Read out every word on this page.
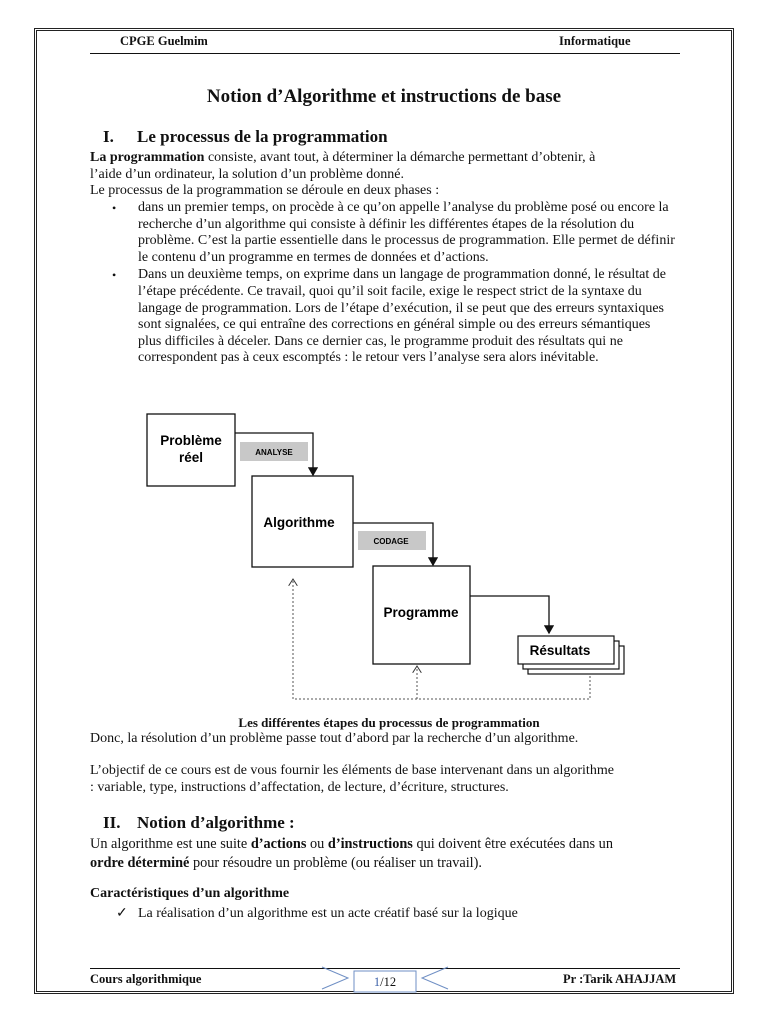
CPGE Guelmim	Informatique

Notion d’Algorithme et instructions de base
I. Le processus de la programmation

La programmation consiste, avant tout, à déterminer la démarche permettant d’obtenir, à
l’aide d’un ordinateur, la solution d’un problème donné.
Le processus de la programmation se déroule en deux phases :

• dans un premier temps, on procède à ce qu’on appelle l’analyse du problème posé ou encore la recherche d’un algorithme qui consiste à définir les différentes étapes de la résolution du problème. C’est la partie essentielle dans le processus de programmation. Elle permet de définir le contenu d’un programme en termes de données et d’actions.
• Dans un deuxième temps, on exprime dans un langage de programmation donné, le résultat de l’étape précédente. Ce travail, quoi qu’il soit facile, exige le respect strict de la syntaxe du langage de programmation. Lors de l’étape d’exécution, il se peut que des erreurs syntaxiques sont signalées, ce qui entraîne des corrections en général simple ou des erreurs sémantiques plus difficiles à déceler. Dans ce dernier cas, le programme produit des résultats qui ne correspondent pas à ceux escomptés : le retour vers l’analyse sera alors inévitable.
Problème
réel	ANALYSE
Algorithme
CODAGE
Programme
Résultats

Les différentes étapes du processus de programmation

Donc, la résolution d’un problème passe tout d’abord par la recherche d’un algorithme.

L’objectif de ce cours est de vous fournir les éléments de base intervenant dans un algorithme
: variable, type, instructions d’affectation, de lecture, d’écriture, structures.

II. Notion d’algorithme :

Un algorithme est une suite d’actions ou d’instructions qui doivent être exécutées dans un
ordre déterminé pour résoudre un problème (ou réaliser un travail).

Caractéristiques d’un algorithme

✓ La réalisation d’un algorithme est un acte créatif basé sur la logique

Cours algorithmique	1/12	Pr :Tarik AHAJJAM
